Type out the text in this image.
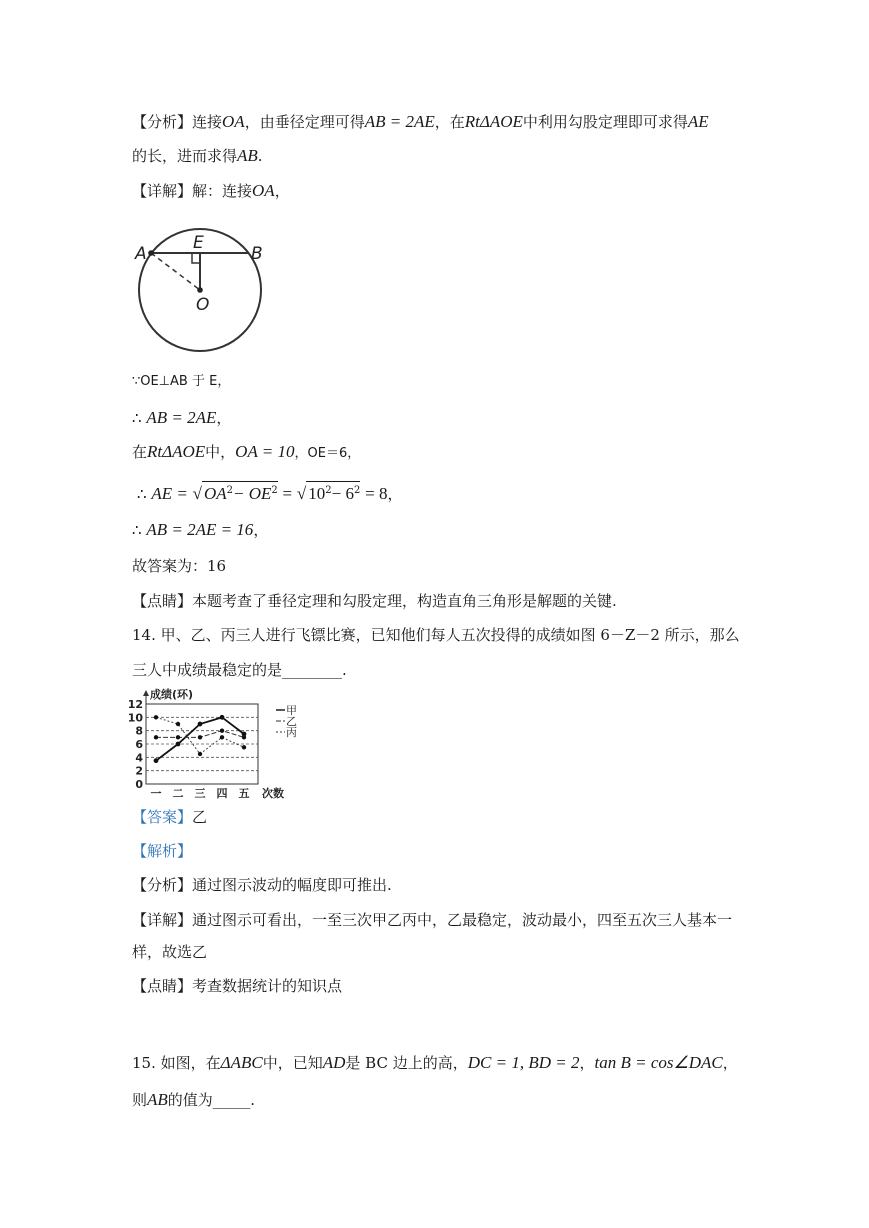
【分析】连接OA，由垂径定理可得AB = 2AE，在RtΔAOE中利用勾股定理即可求得AE
的长，进而求得AB.
【详解】解：连接OA，
A
E
B
O
∵OE⊥AB 于 E，
∴ AB = 2AE，
在RtΔAOE中，OA = 10，OE＝6，
∴ AE = √ $OA^2- OE^2$ = √ $10^2- 6^2 = 8$，
∴ AB = 2AE = 16，
故答案为：16
【点睛】本题考查了垂径定理和勾股定理，构造直角三角形是解题的关键.
14. 甲、乙、丙三人进行飞镖比赛，已知他们每人五次投得的成绩如图 6－Z－2 所示，那么
三人中成绩最稳定的是________.
0
2
4
6
8
10
12
成绩(环)
一 二 三 四 五 次数
甲
乙
丙
【答案】乙
【解析】
【分析】通过图示波动的幅度即可推出.
【详解】通过图示可看出，一至三次甲乙丙中，乙最稳定，波动最小，四至五次三人基本一
样，故选乙
【点睛】考查数据统计的知识点
15. 如图，在ΔABC中，已知AD是 BC 边上的高，DC = 1, BD = 2，tan B = cos∠DAC，
则AB的值为_____.
